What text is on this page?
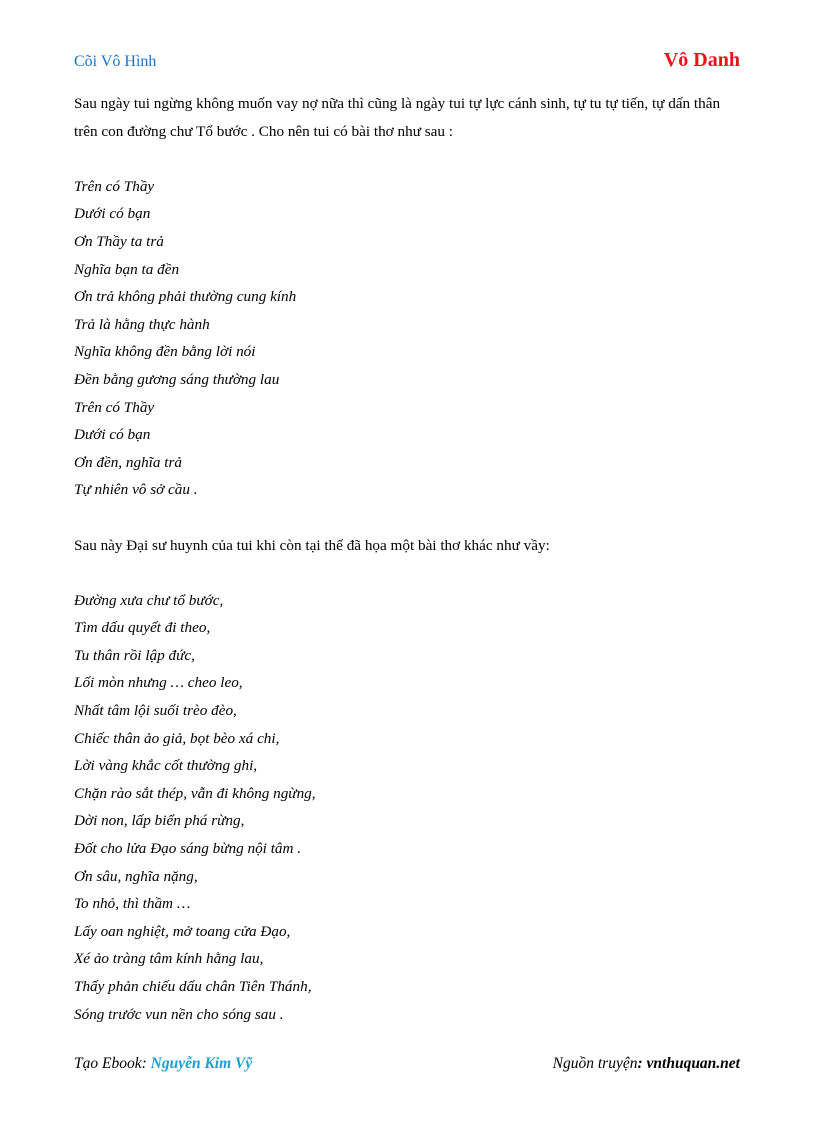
Cõi Vô Hình	Vô Danh

Sau ngày tui ngừng không muốn vay nợ nữa thì cũng là ngày tui tự lực cánh sinh, tự tu tự tiến, tự dấn thân trên con đường chư Tổ bước . Cho nên tui có bài thơ như sau :

Trên có Thầy
Dưới có bạn
Ơn Thầy ta trả
Nghĩa bạn ta đền
Ơn trả không phải thường cung kính
Trả là hằng thực hành
Nghĩa không đền bằng lời nói
Đền bằng gương sáng thường lau
Trên có Thầy
Dưới có bạn
Ơn đền, nghĩa trả
Tự nhiên vô sở cầu .

Sau này Đại sư huynh của tui khi còn tại thế đã họa một bài thơ khác như vầy:

Đường xưa chư tổ bước,
Tìm dấu quyết đi theo,
Tu thân rồi lập đức,
Lối mòn nhưng … cheo leo,
Nhất tâm lội suối trèo đèo,
Chiếc thân ảo giả, bọt bèo xá chi,
Lời vàng khắc cốt thường ghi,
Chặn rào sắt thép, vẫn đi không ngừng,
Dời non, lấp biển phá rừng,
Đốt cho lửa Đạo sáng bừng nội tâm .
Ơn sâu, nghĩa nặng,
To nhỏ, thì thầm …
Lấy oan nghiệt, mở toang cửa Đạo,
Xé ảo tràng tâm kính hằng lau,
Thấy phản chiếu dấu chân Tiên Thánh,
Sóng trước vun nền cho sóng sau .
Tạo Ebook: Nguyễn Kim Vỹ	Nguồn truyện: vnthuquan.net
